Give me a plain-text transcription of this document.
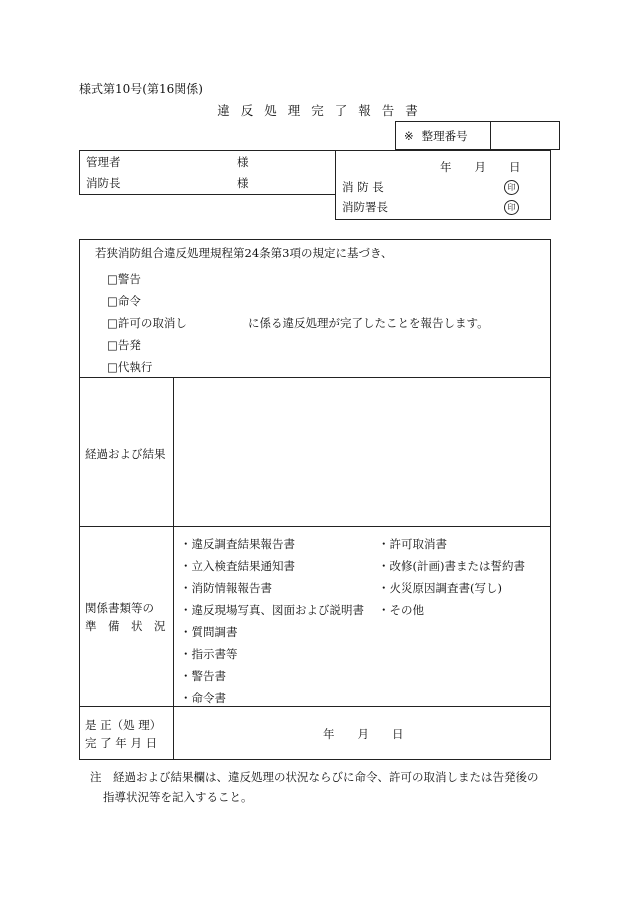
様式第10号(第16関係)
違反処理完了報告書
※ 整理番号	
管理者	様
消防長	様
年　　月　　日
消 防 長	印
消防署長	印
若狭消防組合違反処理規程第24条第3項の規定に基づき、
□警告
□命令
□許可の取消し	に係る違反処理が完了したことを報告します。
□告発
□代執行
経過および結果
関係書類等の
準　備　状　況
・違反調査結果報告書
・立入検査結果通知書
・消防情報報告書
・違反現場写真、図面および説明書
・質問調書
・指示書等
・警告書
・命令書
・許可取消書
・改修(計画)書または誓約書
・火災原因調査書(写し)
・その他
是 正（処 理）
完 了 年 月 日
年　　月　　日
注　経過および結果欄は、違反処理の状況ならびに命令、許可の取消しまたは告発後の
指導状況等を記入すること。
